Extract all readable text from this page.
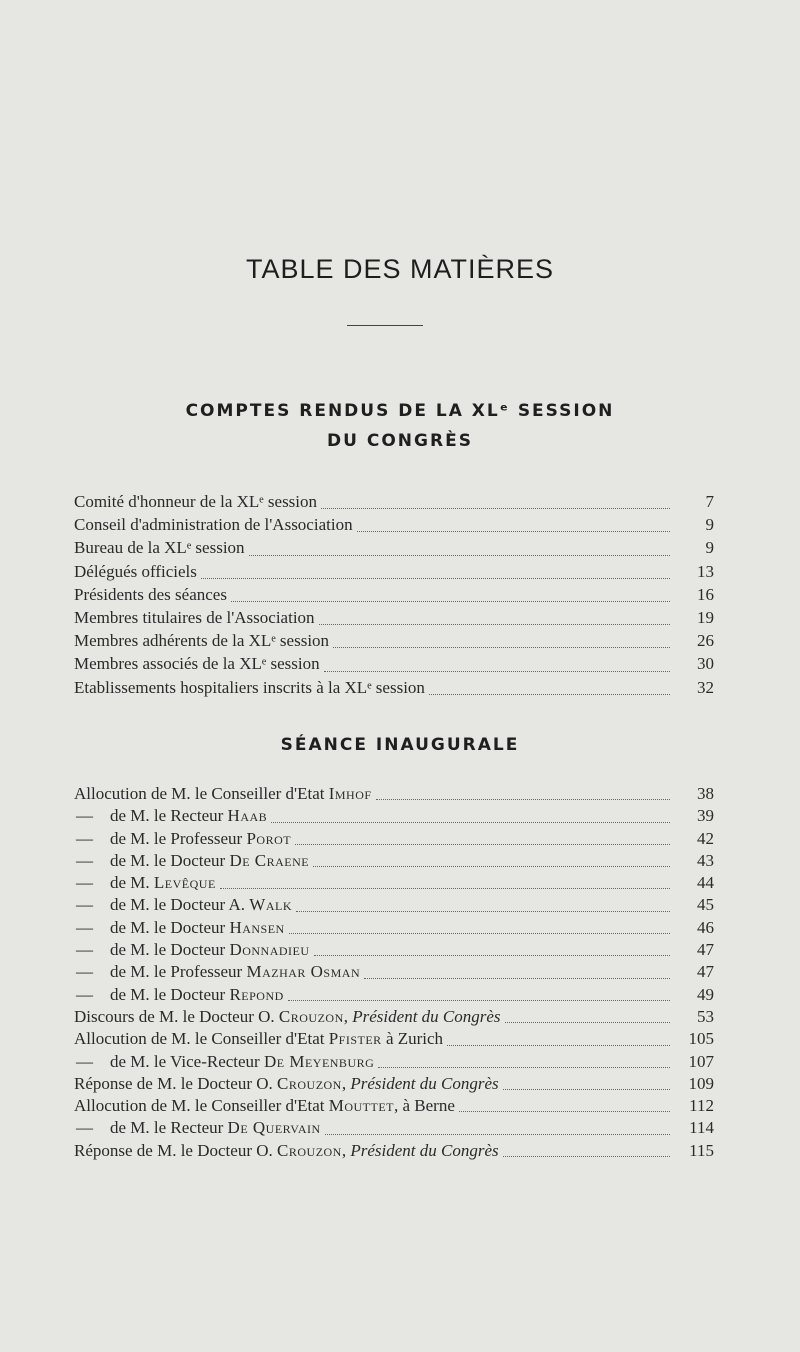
TABLE DES MATIÈRES
COMPTES RENDUS DE LA XLᵉ SESSION
DU CONGRÈS
Comité d'honneur de la XLᵉ session	7
Conseil d'administration de l'Association	9
Bureau de la XLᵉ session	9
Délégués officiels	13
Présidents des séances	16
Membres titulaires de l'Association	19
Membres adhérents de la XLᵉ session	26
Membres associés de la XLᵉ session	30
Etablissements hospitaliers inscrits à la XLᵉ session	32
SÉANCE INAUGURALE
Allocution de M. le Conseiller d'Etat Imhof	38
— de M. le Recteur Haab	39
— de M. le Professeur Porot	42
— de M. le Docteur De Craene	43
— de M. Levêque	44
— de M. le Docteur A. Walk	45
— de M. le Docteur Hansen	46
— de M. le Docteur Donnadieu	47
— de M. le Professeur Mazhar Osman	47
— de M. le Docteur Repond	49
Discours de M. le Docteur O. Crouzon, Président du Congrès	53
Allocution de M. le Conseiller d'Etat Pfister à Zurich	105
— de M. le Vice-Recteur De Meyenburg	107
Réponse de M. le Docteur O. Crouzon, Président du Congrès	109
Allocution de M. le Conseiller d'Etat Mouttet, à Berne	112
— de M. le Recteur De Quervain	114
Réponse de M. le Docteur O. Crouzon, Président du Congrès	115
